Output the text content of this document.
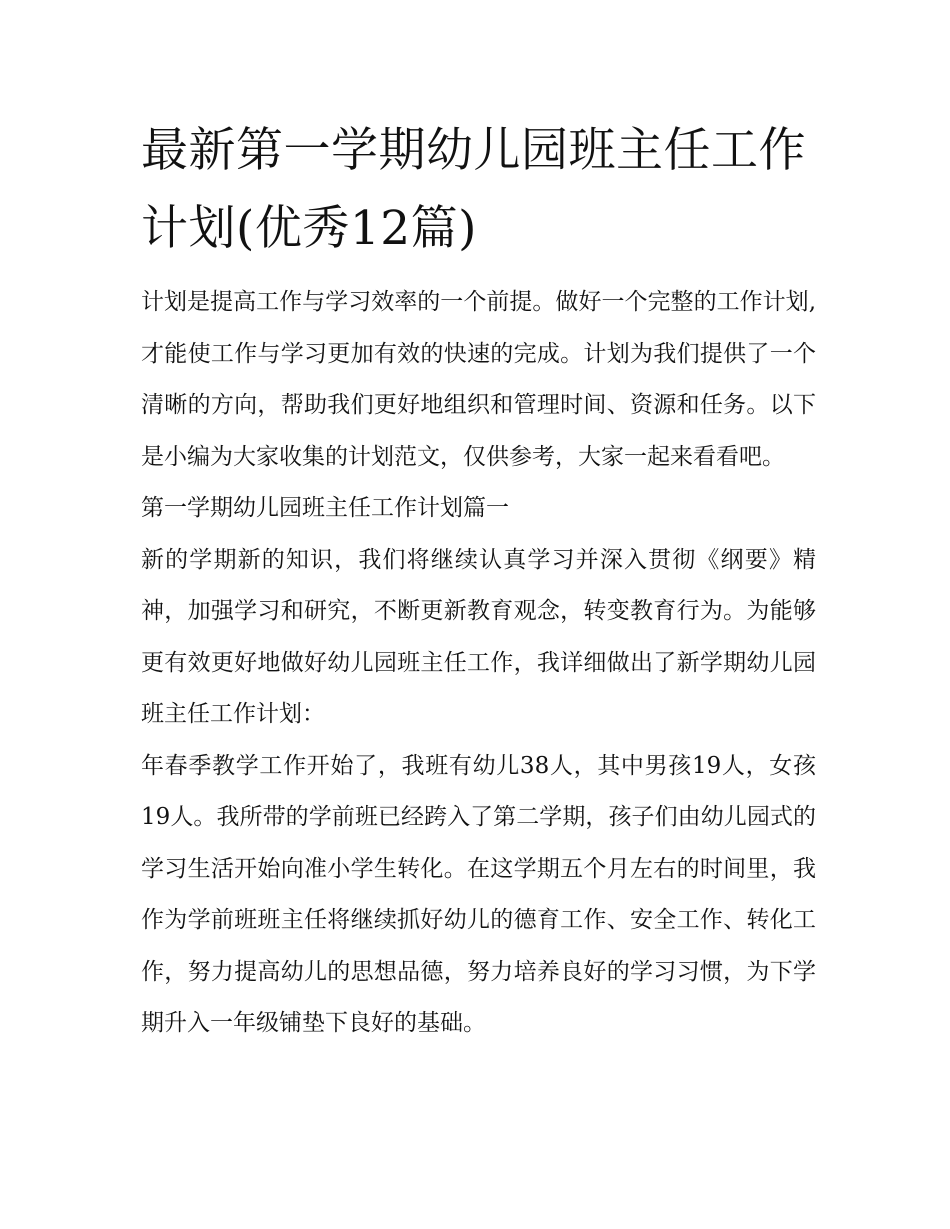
最新第一学期幼儿园班主任工作计划(优秀12篇)

计划是提高工作与学习效率的一个前提。做好一个完整的工作计划,才能使工作与学习更加有效的快速的完成。计划为我们提供了一个清晰的方向，帮助我们更好地组织和管理时间、资源和任务。以下是小编为大家收集的计划范文，仅供参考，大家一起来看看吧。

第一学期幼儿园班主任工作计划篇一

新的学期新的知识，我们将继续认真学习并深入贯彻《纲要》精神，加强学习和研究，不断更新教育观念，转变教育行为。为能够更有效更好地做好幼儿园班主任工作，我详细做出了新学期幼儿园班主任工作计划：

年春季教学工作开始了，我班有幼儿38人，其中男孩19人，女孩19人。我所带的学前班已经跨入了第二学期，孩子们由幼儿园式的学习生活开始向准小学生转化。在这学期五个月左右的时间里，我作为学前班班主任将继续抓好幼儿的德育工作、安全工作、转化工作，努力提高幼儿的思想品德，努力培养良好的学习习惯，为下学期升入一年级铺垫下良好的基础。
